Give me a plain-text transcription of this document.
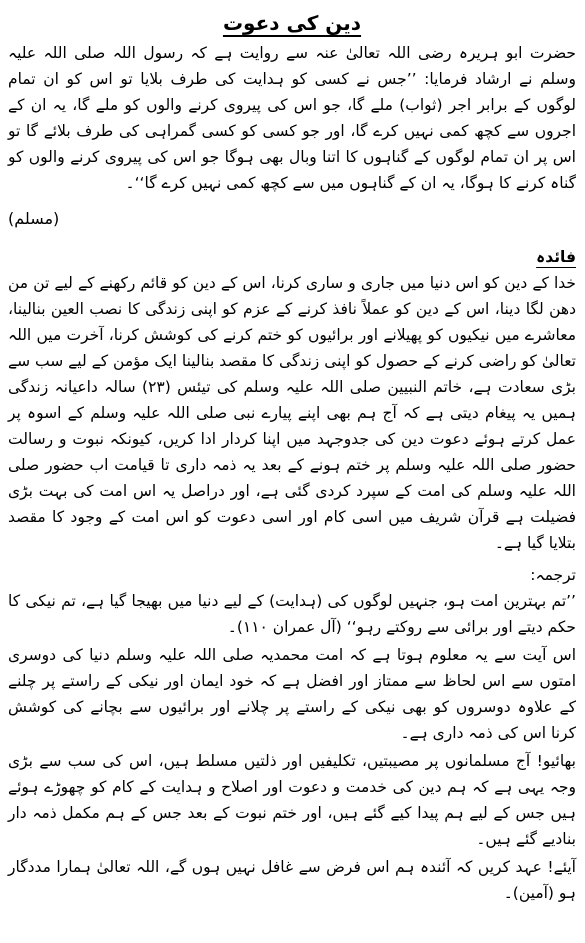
دین کی دعوت

حضرت ابو ہریرہ رضی اللہ تعالیٰ عنہ سے روایت ہے کہ رسول اللہ صلی اللہ علیہ وسلم نے ارشاد فرمایا: ’’جس نے کسی کو ہدایت کی طرف بلایا تو اس کو ان تمام لوگوں کے برابر اجر (ثواب) ملے گا، جو اس کی پیروی کرنے والوں کو ملے گا، یہ ان کے اجروں سے کچھ کمی نہیں کرے گا، اور جو کسی کو کسی گمراہی کی طرف بلائے گا تو اس پر ان تمام لوگوں کے گناہوں کا اتنا وبال بھی ہوگا جو اس کی پیروی کرنے والوں کو گناہ کرنے کا ہوگا، یہ ان کے گناہوں میں سے کچھ کمی نہیں کرے گا‘‘۔

(مسلم)
فائدہ

خدا کے دین کو اس دنیا میں جاری و ساری کرنا، اس کے دین کو قائم رکھنے کے لیے تن من دھن لگا دینا، اس کے دین کو عملاً نافذ کرنے کے عزم کو اپنی زندگی کا نصب العین بنالینا، معاشرے میں نیکیوں کو پھیلانے اور برائیوں کو ختم کرنے کی کوشش کرنا، آخرت میں اللہ تعالیٰ کو راضی کرنے کے حصول کو اپنی زندگی کا مقصد بنالینا ایک مؤمن کے لیے سب سے بڑی سعادت ہے، خاتم النبیین صلی اللہ علیہ وسلم کی تیئس (۲۳) سالہ داعیانہ زندگی ہمیں یہ پیغام دیتی ہے کہ آج ہم بھی اپنے پیارے نبی صلی اللہ علیہ وسلم کے اسوہ پر عمل کرتے ہوئے دعوت دین کی جدوجہد میں اپنا کردار ادا کریں، کیونکہ نبوت و رسالت حضور صلی اللہ علیہ وسلم پر ختم ہونے کے بعد یہ ذمہ داری تا قیامت اب حضور صلی اللہ علیہ وسلم کی امت کے سپرد کردی گئی ہے، اور دراصل یہ اس امت کی بہت بڑی فضیلت ہے قرآن شریف میں اسی کام اور اسی دعوت کو اس امت کے وجود کا مقصد بتلایا گیا ہے۔

ترجمہ:

’’تم بہترین امت ہو، جنہیں لوگوں کی (ہدایت) کے لیے دنیا میں بھیجا گیا ہے، تم نیکی کا حکم دیتے اور برائی سے روکتے رہو‘‘ (آل عمران ۱۱۰)۔

اس آیت سے یہ معلوم ہوتا ہے کہ امت محمدیہ صلی اللہ علیہ وسلم دنیا کی دوسری امتوں سے اس لحاظ سے ممتاز اور افضل ہے کہ خود ایمان اور نیکی کے راستے پر چلنے کے علاوہ دوسروں کو بھی نیکی کے راستے پر چلانے اور برائیوں سے بچانے کی کوشش کرنا اس کی ذمہ داری ہے۔

بھائیو! آج مسلمانوں پر مصیبتیں، تکلیفیں اور ذلتیں مسلط ہیں، اس کی سب سے بڑی وجہ یہی ہے کہ ہم دین کی خدمت و دعوت اور اصلاح و ہدایت کے کام کو چھوڑے ہوئے ہیں جس کے لیے ہم پیدا کیے گئے ہیں، اور ختم نبوت کے بعد جس کے ہم مکمل ذمہ دار بنادیے گئے ہیں۔

آیئے! عہد کریں کہ آئندہ ہم اس فرض سے غافل نہیں ہوں گے، اللہ تعالیٰ ہمارا مددگار ہو (آمین)۔
